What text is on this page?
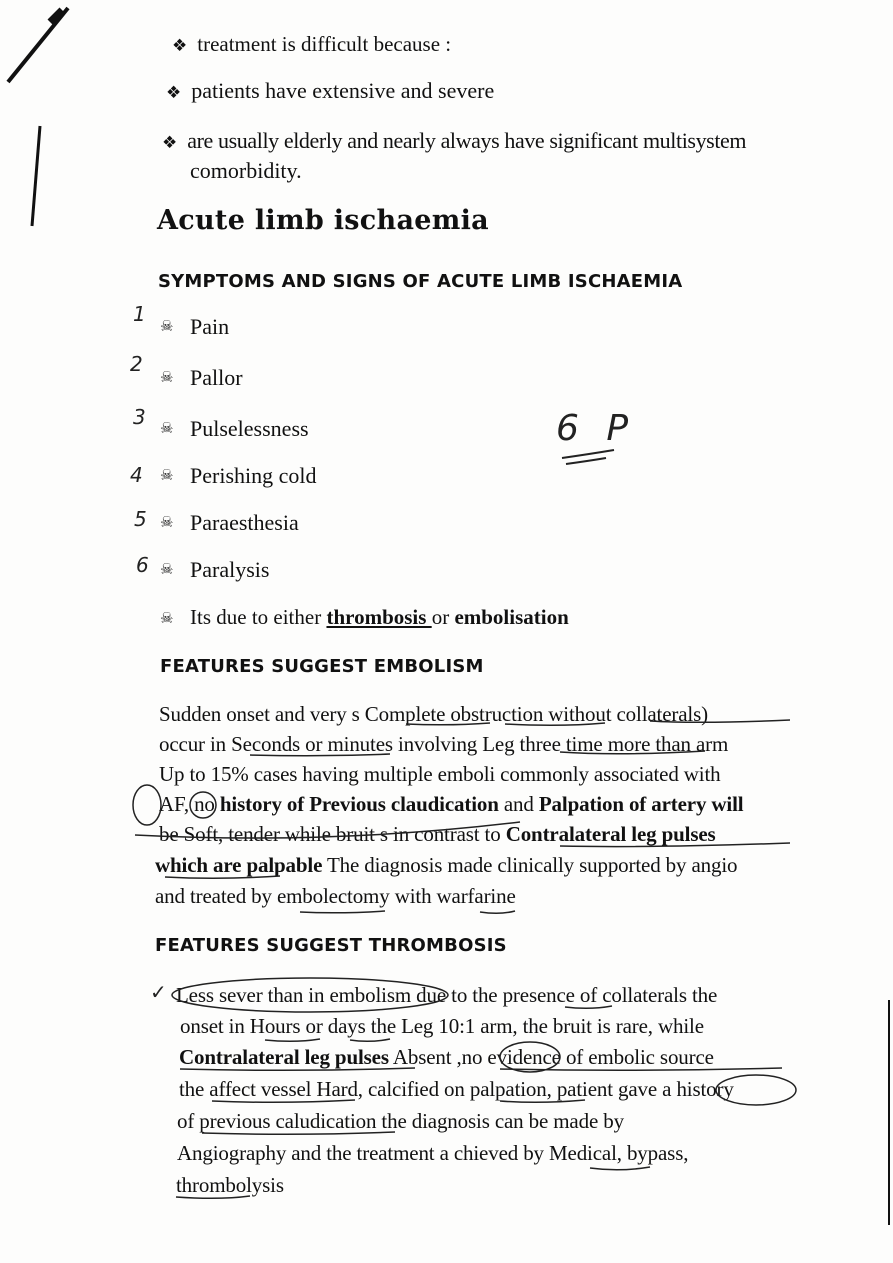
❖ treatment is difficult because :
❖ patients have extensive and severe
❖ are usually elderly and nearly always have significant multisystem
comorbidity.
Acute limb ischaemia
SYMPTOMS AND SIGNS OF ACUTE LIMB ISCHAEMIA
1 ☠ Pain
2
☠ Pallor
3 ☠ Pulselessness
4 ☠ Perishing cold
5 ☠ Paraesthesia
6 ☠ Paralysis
6 P
☠ Its due to either thrombosis or embolisation
FEATURES SUGGEST EMBOLISM
Sudden onset and very s Complete obstruction without collaterals)
occur in Seconds or minutes involving Leg three time more than arm
Up to 15% cases having multiple emboli commonly associated with
AF, no history of Previous claudication and Palpation of artery will
be Soft, tender while bruit s in contrast to Contralateral leg pulses
which are palpable The diagnosis made clinically supported by angio
and treated by embolectomy with warfarine
FEATURES SUGGEST THROMBOSIS
✓ Less sever than in embolism due to the presence of collaterals the
onset in Hours or days the Leg 10:1 arm, the bruit is rare, while
Contralateral leg pulses Absent ,no evidence of embolic source
the affect vessel Hard, calcified on palpation, patient gave a history
of previous caludication the diagnosis can be made by
Angiography and the treatment a chieved by Medical, bypass,
thrombolysis
